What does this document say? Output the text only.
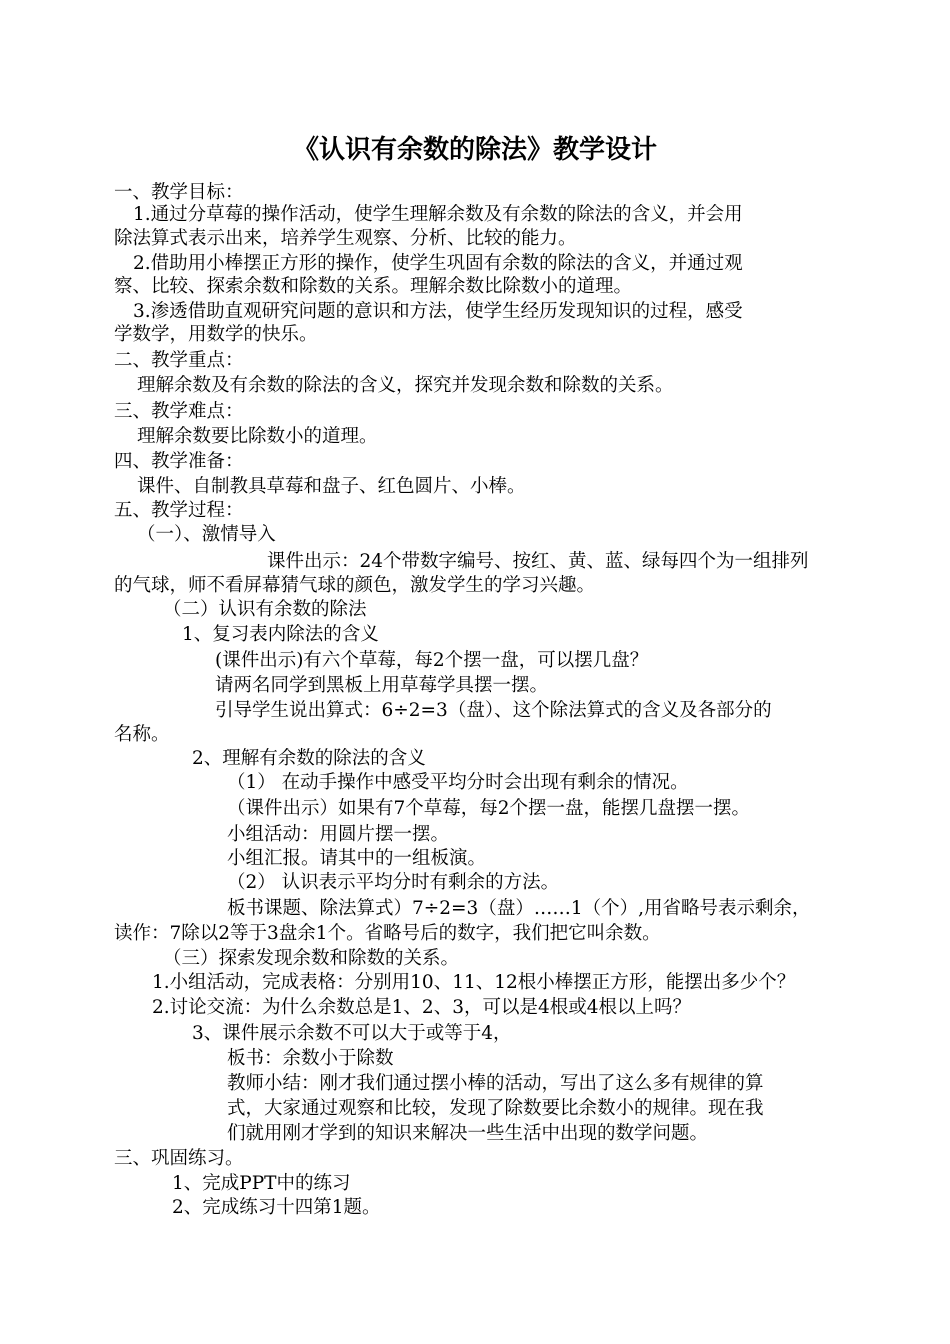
《认识有余数的除法》教学设计
一、教学目标：
1.通过分草莓的操作活动，使学生理解余数及有余数的除法的含义，并会用
除法算式表示出来，培养学生观察、分析、比较的能力。
2.借助用小棒摆正方形的操作，使学生巩固有余数的除法的含义，并通过观
察、比较、探索余数和除数的关系。理解余数比除数小的道理。
3.渗透借助直观研究问题的意识和方法，使学生经历发现知识的过程，感受
学数学，用数学的快乐。
二、教学重点：
理解余数及有余数的除法的含义，探究并发现余数和除数的关系。
三、教学难点：
理解余数要比除数小的道理。
四、教学准备：
课件、自制教具草莓和盘子、红色圆片、小棒。
五、教学过程：
（一）、激情导入
课件出示：24个带数字编号、按红、黄、蓝、绿每四个为一组排列
的气球，师不看屏幕猜气球的颜色，激发学生的学习兴趣。
（二）认识有余数的除法
1、复习表内除法的含义
(课件出示)有六个草莓，每2个摆一盘，可以摆几盘？
请两名同学到黑板上用草莓学具摆一摆。
引导学生说出算式：6÷2=3（盘）、这个除法算式的含义及各部分的
名称。
2、理解有余数的除法的含义
（1） 在动手操作中感受平均分时会出现有剩余的情况。
（课件出示）如果有7个草莓，每2个摆一盘，能摆几盘摆一摆。
小组活动：用圆片摆一摆。
小组汇报。请其中的一组板演。
（2） 认识表示平均分时有剩余的方法。
板书课题、除法算式）7÷2=3（盘）……1（个）,用省略号表示剩余，
读作：7除以2等于3盘余1个。省略号后的数字，我们把它叫余数。
（三）探索发现余数和除数的关系。
1.小组活动，完成表格：分别用10、11、12根小棒摆正方形，能摆出多少个？
2.讨论交流：为什么余数总是1、2、3，可以是4根或4根以上吗？
3、课件展示余数不可以大于或等于4，
板书：余数小于除数
教师小结：刚才我们通过摆小棒的活动，写出了这么多有规律的算
式，大家通过观察和比较，发现了除数要比余数小的规律。现在我
们就用刚才学到的知识来解决一些生活中出现的数学问题。
三、巩固练习。
1、完成PPT中的练习
2、完成练习十四第1题。
